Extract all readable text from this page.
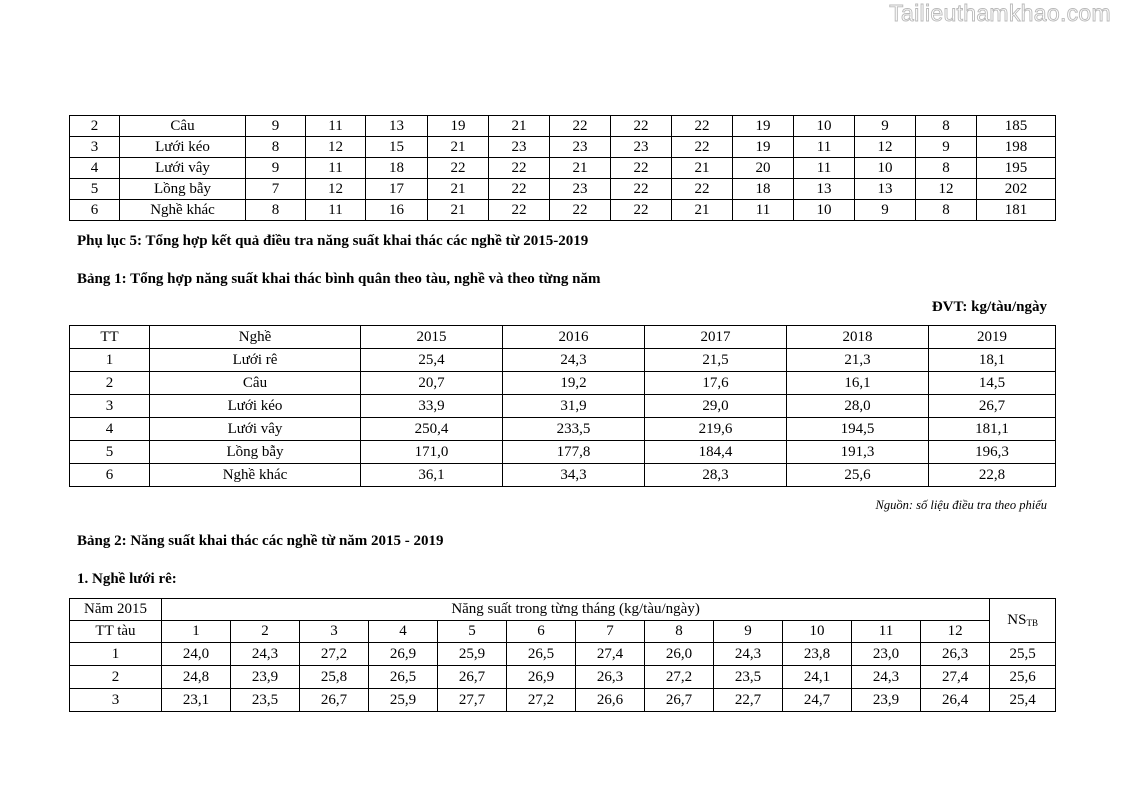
Tailieuthamkhao.com
2	Câu	9	11	13	19	21	22	22	22	19	10	9	8	185
3	Lưới kéo	8	12	15	21	23	23	23	22	19	11	12	9	198
4	Lưới vây	9	11	18	22	22	21	22	21	20	11	10	8	195
5	Lồng bẫy	7	12	17	21	22	23	22	22	18	13	13	12	202
6	Nghề khác	8	11	16	21	22	22	22	21	11	10	9	8	181
Phụ lục 5: Tổng hợp kết quả điều tra năng suất khai thác các nghề từ 2015-2019
Bảng 1: Tổng hợp năng suất khai thác bình quân theo tàu, nghề và theo từng năm
ĐVT: kg/tàu/ngày
TT	Nghề	2015	2016	2017	2018	2019
1	Lưới rê	25,4	24,3	21,5	21,3	18,1
2	Câu	20,7	19,2	17,6	16,1	14,5
3	Lưới kéo	33,9	31,9	29,0	28,0	26,7
4	Lưới vây	250,4	233,5	219,6	194,5	181,1
5	Lồng bẫy	171,0	177,8	184,4	191,3	196,3
6	Nghề khác	36,1	34,3	28,3	25,6	22,8
Nguồn: số liệu điều tra theo phiếu
Bảng 2: Năng suất khai thác các nghề từ năm 2015 - 2019
1. Nghề lưới rê:
Năm 2015	Năng suất trong từng tháng (kg/tàu/ngày)												$NS_{TB}$
TT tàu	1	2	3	4	5	6	7	8	9	10	11	12	
1	24,0	24,3	27,2	26,9	25,9	26,5	27,4	26,0	24,3	23,8	23,0	26,3	25,5
2	24,8	23,9	25,8	26,5	26,7	26,9	26,3	27,2	23,5	24,1	24,3	27,4	25,6
3	23,1	23,5	26,7	25,9	27,7	27,2	26,6	26,7	22,7	24,7	23,9	26,4	25,4
